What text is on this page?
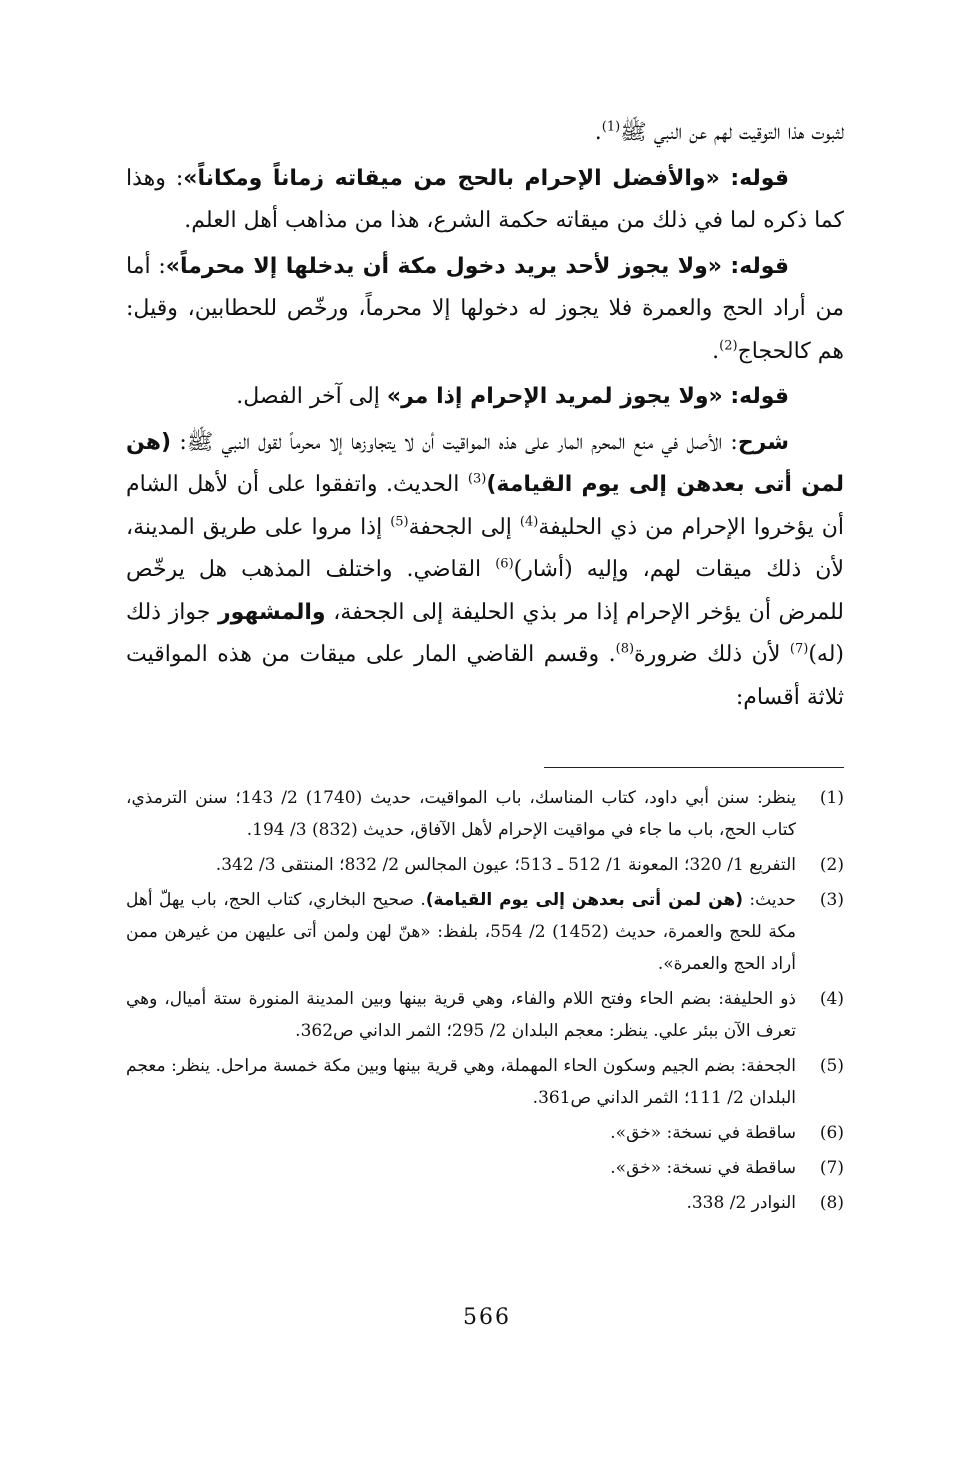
لثبوت هذا التوقيت لهم عن النبي ﷺ$^{(1)}$.

قوله: «والأفضل الإحرام بالحج من ميقاته زماناً ومكاناً»: وهذا كما ذكره لما في ذلك من ميقاته حكمة الشرع، هذا من مذاهب أهل العلم.

قوله: «ولا يجوز لأحد يريد دخول مكة أن يدخلها إلا محرماً»: أما من أراد الحج والعمرة فلا يجوز له دخولها إلا محرماً، ورخّص للحطابين، وقيل: هم كالحجاج$^{(2)}$.

قوله: «ولا يجوز لمريد الإحرام إذا مر» إلى آخر الفصل.

شرح: الأصل في منع المحرم المار على هذه المواقيت أن لا يتجاوزها إلا محرماً لقول النبي ﷺ: (هن لمن أتى بعدهن إلى يوم القيامة)$^{(3)}$ الحديث. واتفقوا على أن لأهل الشام أن يؤخروا الإحرام من ذي الحليفة$^{(4)}$ إلى الجحفة$^{(5)}$ إذا مروا على طريق المدينة، لأن ذلك ميقات لهم، وإليه (أشار)$^{(6)}$ القاضي. واختلف المذهب هل يرخّص للمرض أن يؤخر الإحرام إذا مر بذي الحليفة إلى الجحفة، والمشهور جواز ذلك (له)$^{(7)}$ لأن ذلك ضرورة$^{(8)}$. وقسم القاضي المار على ميقات من هذه المواقيت ثلاثة أقسام:

(1)
ينظر: سنن أبي داود، كتاب المناسك، باب المواقيت، حديث (1740) 2/ 143؛ سنن الترمذي، كتاب الحج، باب ما جاء في مواقيت الإحرام لأهل الآفاق، حديث (832) 3/ 194.
(2)
التفريع 1/ 320؛ المعونة 1/ 512 ـ 513؛ عيون المجالس 2/ 832؛ المنتقى 3/ 342.
(3)
حديث: (هن لمن أتى بعدهن إلى يوم القيامة). صحيح البخاري، كتاب الحج، باب يهلّ أهل مكة للحج والعمرة، حديث (1452) 2/ 554، بلفظ: «هنّ لهن ولمن أتى عليهن من غيرهن ممن أراد الحج والعمرة».
(4)
ذو الحليفة: بضم الحاء وفتح اللام والفاء، وهي قرية بينها وبين المدينة المنورة ستة أميال، وهي تعرف الآن ببئر علي. ينظر: معجم البلدان 2/ 295؛ الثمر الداني ص362.
(5)
الجحفة: بضم الجيم وسكون الحاء المهملة، وهي قرية بينها وبين مكة خمسة مراحل. ينظر: معجم البلدان 2/ 111؛ الثمر الداني ص361.
(6)
ساقطة في نسخة: «خق».
(7)
ساقطة في نسخة: «خق».
(8)
النوادر 2/ 338.
566
